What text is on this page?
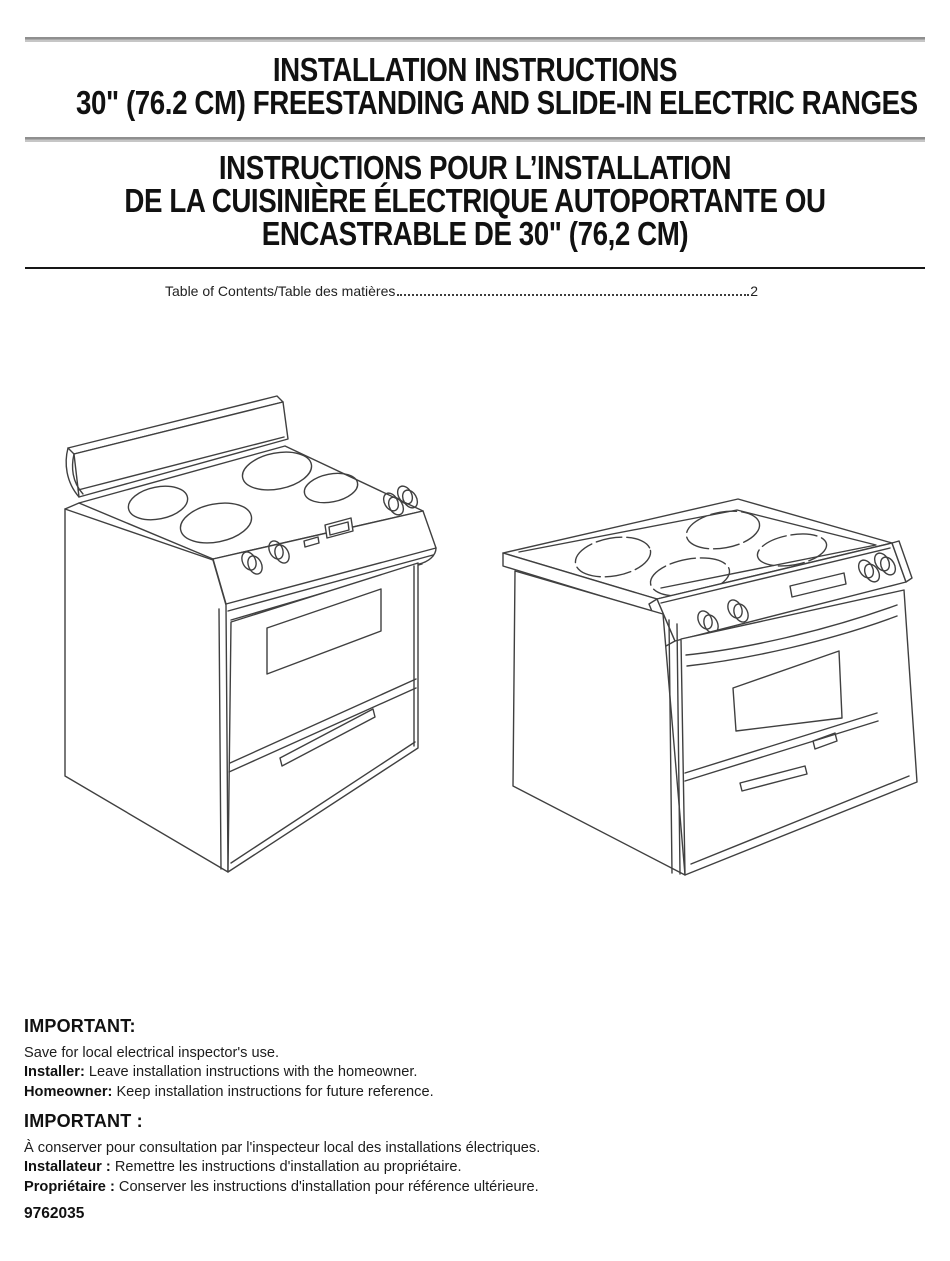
INSTALLATION INSTRUCTIONS
30" (76.2 CM) FREESTANDING AND SLIDE-IN ELECTRIC RANGES
INSTRUCTIONS POUR L’INSTALLATION
DE LA CUISINIÈRE ÉLECTRIQUE AUTOPORTANTE OU
ENCASTRABLE DE 30" (76,2 CM)
Table of Contents/Table des matières	2
IMPORTANT:

Save for local electrical inspector's use.

Installer: Leave installation instructions with the homeowner.

Homeowner: Keep installation instructions for future reference.

IMPORTANT :

À conserver pour consultation par l'inspecteur local des installations électriques.

Installateur : Remettre les instructions d'installation au propriétaire.

Propriétaire : Conserver les instructions d'installation pour référence ultérieure.

9762035
